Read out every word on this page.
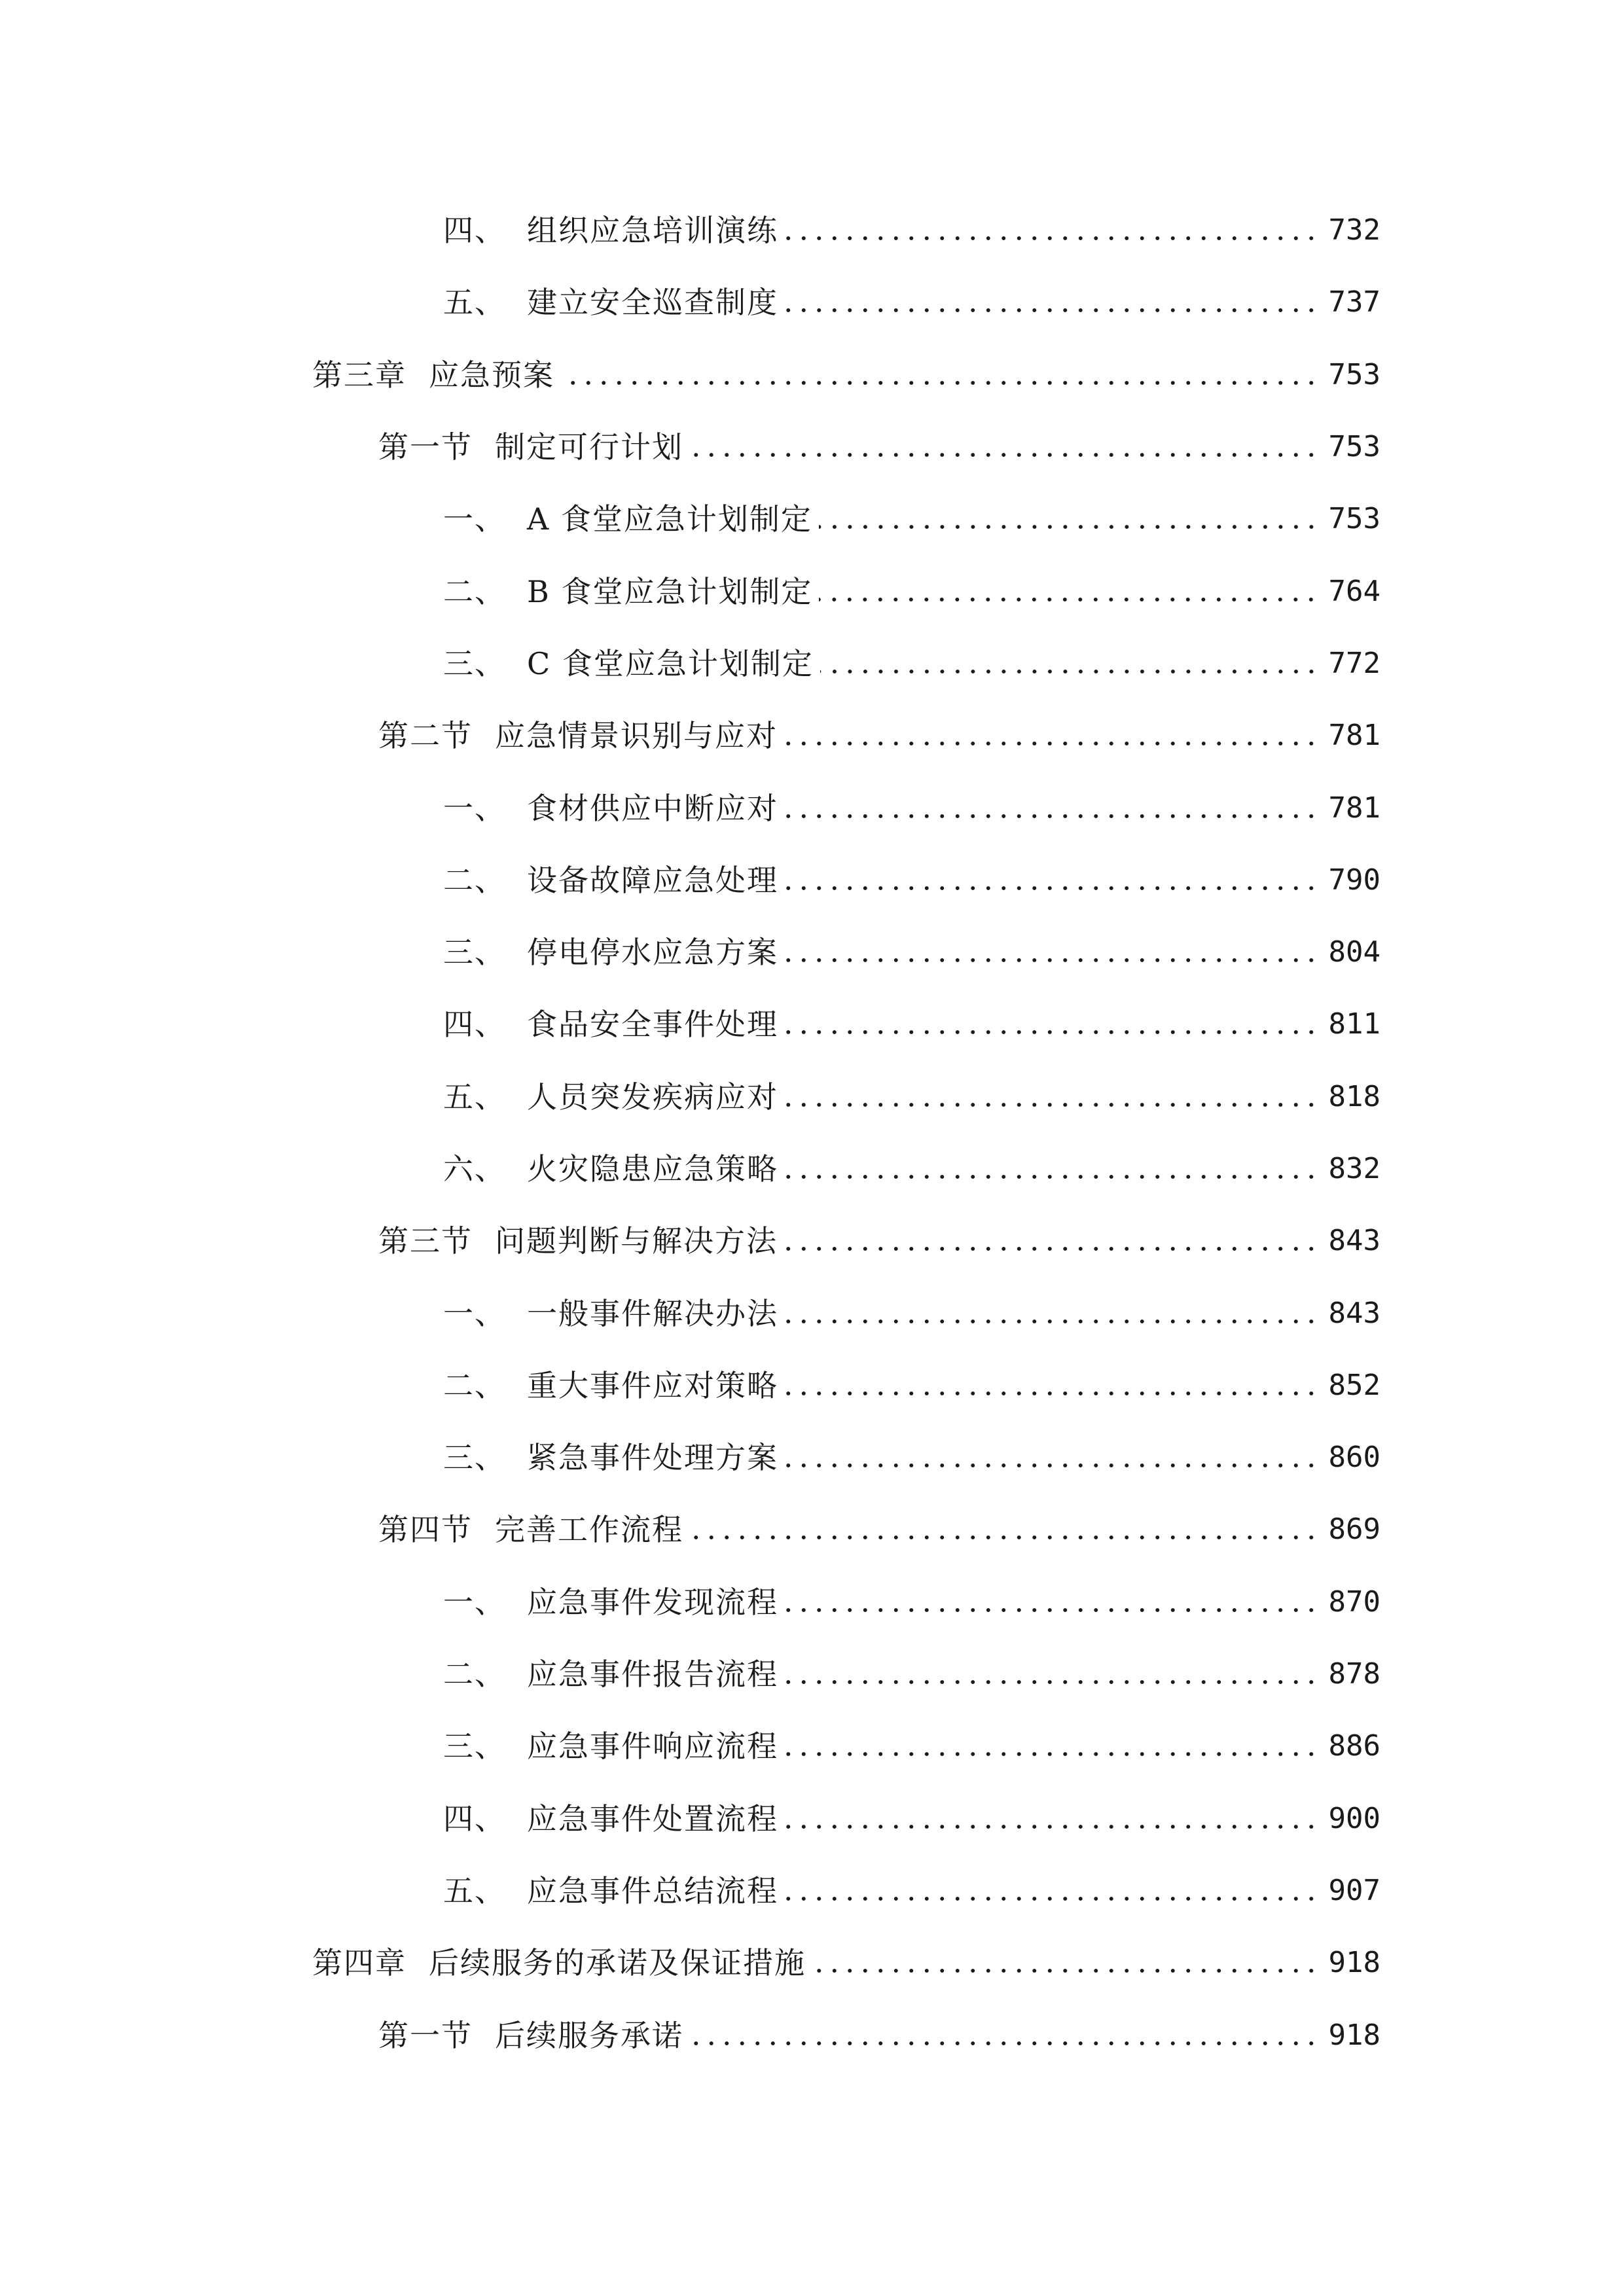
四、 组织应急培训演练	732
五、 建立安全巡查制度	737
第三章 应急预案	753
第一节 制定可行计划	753
一、 A 食堂应急计划制定	753
二、 B 食堂应急计划制定	764
三、 C 食堂应急计划制定	772
第二节 应急情景识别与应对	781
一、 食材供应中断应对	781
二、 设备故障应急处理	790
三、 停电停水应急方案	804
四、 食品安全事件处理	811
五、 人员突发疾病应对	818
六、 火灾隐患应急策略	832
第三节 问题判断与解决方法	843
一、 一般事件解决办法	843
二、 重大事件应对策略	852
三、 紧急事件处理方案	860
第四节 完善工作流程	869
一、 应急事件发现流程	870
二、 应急事件报告流程	878
三、 应急事件响应流程	886
四、 应急事件处置流程	900
五、 应急事件总结流程	907
第四章 后续服务的承诺及保证措施	918
第一节 后续服务承诺	918
